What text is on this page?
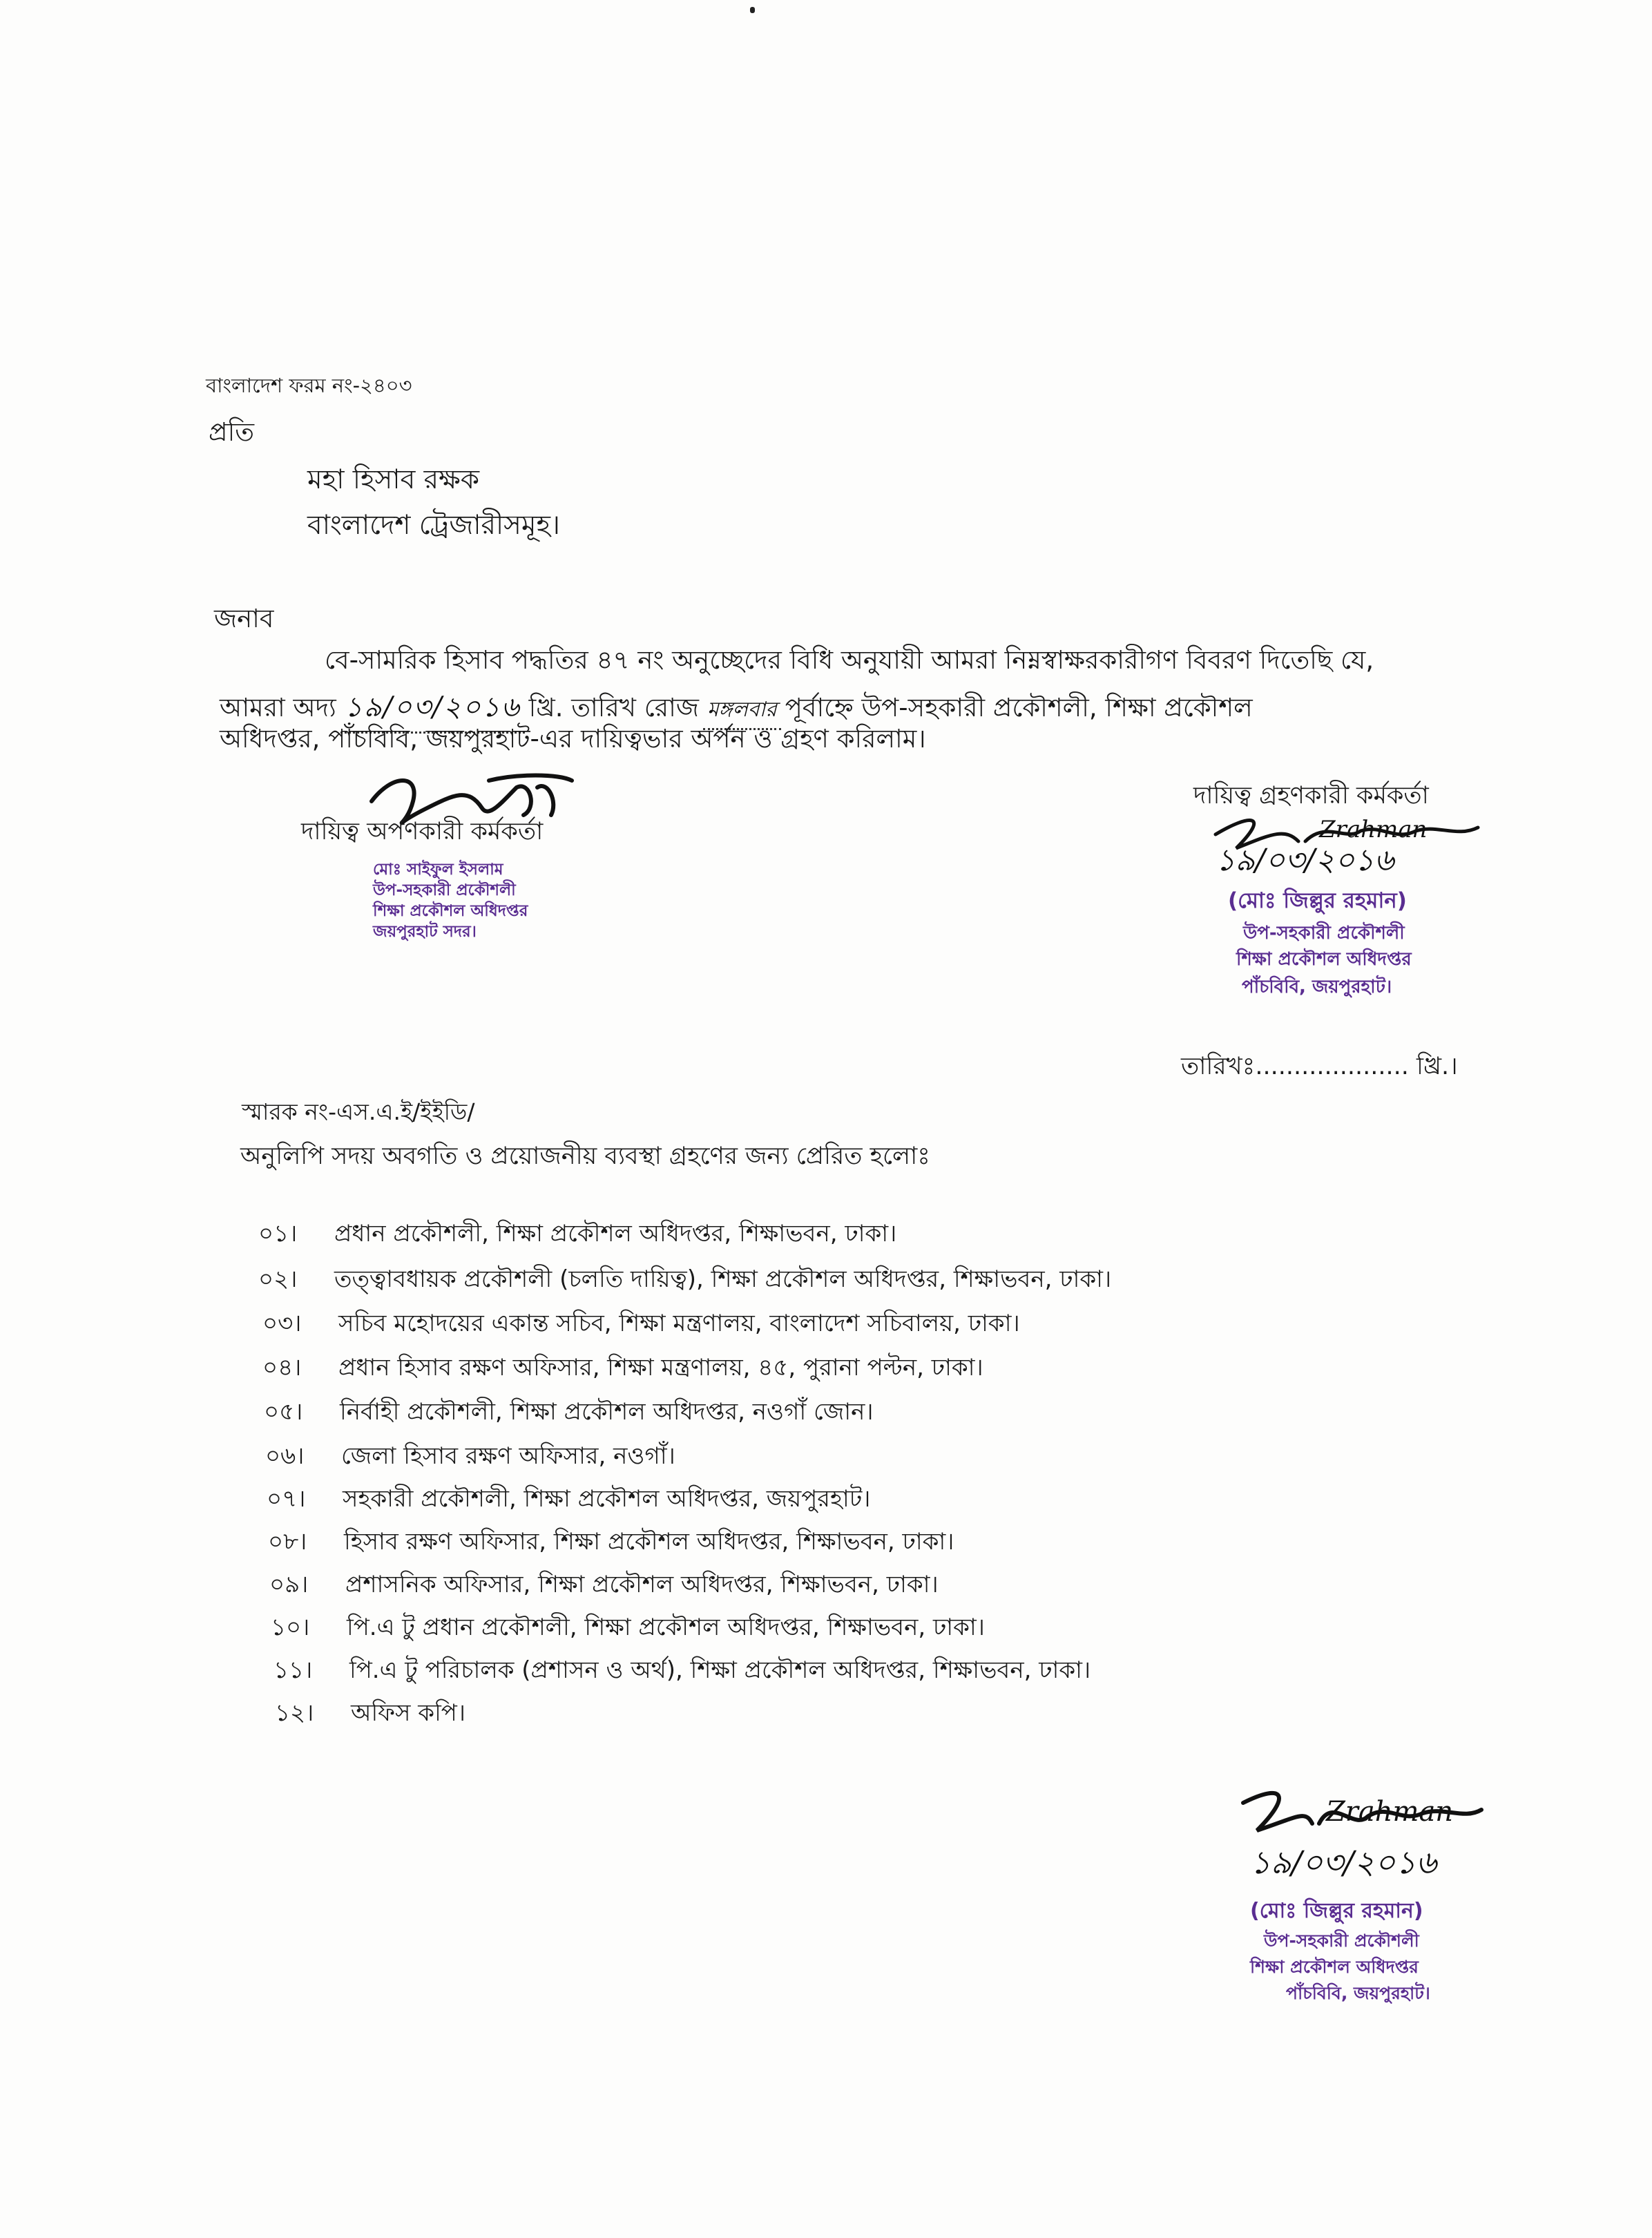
বাংলাদেশ ফরম নং-২৪০৩
প্রতি
মহা হিসাব রক্ষক
বাংলাদেশ ট্রেজারীসমূহ।
জনাব
বে-সামরিক হিসাব পদ্ধতির ৪৭ নং অনুচ্ছেদের বিধি অনুযায়ী আমরা নিম্নস্বাক্ষরকারীগণ বিবরণ দিতেছি যে,
আমরা অদ্য ১৯/০৩/২০১৬ খ্রি. তারিখ রোজ মঙ্গলবার পূর্বাহ্নে উপ-সহকারী প্রকৌশলী, শিক্ষা প্রকৌশল
অধিদপ্তর, পাঁচবিবি, জয়পুরহাট-এর দায়িত্বভার অর্পন ও গ্রহণ করিলাম।
দায়িত্ব অর্পণকারী কর্মকর্তা
মোঃ সাইফুল ইসলাম
উপ-সহকারী প্রকৌশলী
শিক্ষা প্রকৌশল অধিদপ্তর
জয়পুরহাট সদর।
দায়িত্ব গ্রহণকারী কর্মকর্তা
Zrahman
১৯/০৩/২০১৬
(মোঃ জিল্লুর রহমান)
উপ-সহকারী প্রকৌশলী
শিক্ষা প্রকৌশল অধিদপ্তর
পাঁচবিবি, জয়পুরহাট।
তারিখঃ.................... খ্রি.।
স্মারক নং-এস.এ.ই/ইইডি/
অনুলিপি সদয় অবগতি ও প্রয়োজনীয় ব্যবস্থা গ্রহণের জন্য প্রেরিত হলোঃ
০১।	প্রধান প্রকৌশলী, শিক্ষা প্রকৌশল অধিদপ্তর, শিক্ষাভবন, ঢাকা।
০২।	তত্ত্বাবধায়ক প্রকৌশলী (চলতি দায়িত্ব), শিক্ষা প্রকৌশল অধিদপ্তর, শিক্ষাভবন, ঢাকা।
০৩।	সচিব মহোদয়ের একান্ত সচিব, শিক্ষা মন্ত্রণালয়, বাংলাদেশ সচিবালয়, ঢাকা।
০৪।	প্রধান হিসাব রক্ষণ অফিসার, শিক্ষা মন্ত্রণালয়, ৪৫, পুরানা পল্টন, ঢাকা।
০৫।	নির্বাহী প্রকৌশলী, শিক্ষা প্রকৌশল অধিদপ্তর, নওগাঁ জোন।
০৬।	জেলা হিসাব রক্ষণ অফিসার, নওগাঁ।
০৭।	সহকারী প্রকৌশলী, শিক্ষা প্রকৌশল অধিদপ্তর, জয়পুরহাট।
০৮।	হিসাব রক্ষণ অফিসার, শিক্ষা প্রকৌশল অধিদপ্তর, শিক্ষাভবন, ঢাকা।
০৯।	প্রশাসনিক অফিসার, শিক্ষা প্রকৌশল অধিদপ্তর, শিক্ষাভবন, ঢাকা।
১০।	পি.এ টু প্রধান প্রকৌশলী, শিক্ষা প্রকৌশল অধিদপ্তর, শিক্ষাভবন, ঢাকা।
১১।	পি.এ টু পরিচালক (প্রশাসন ও অর্থ), শিক্ষা প্রকৌশল অধিদপ্তর, শিক্ষাভবন, ঢাকা।
১২।	অফিস কপি।
Zrahman
১৯/০৩/২০১৬
(মোঃ জিল্লুর রহমান)
উপ-সহকারী প্রকৌশলী
শিক্ষা প্রকৌশল অধিদপ্তর
পাঁচবিবি, জয়পুরহাট।
